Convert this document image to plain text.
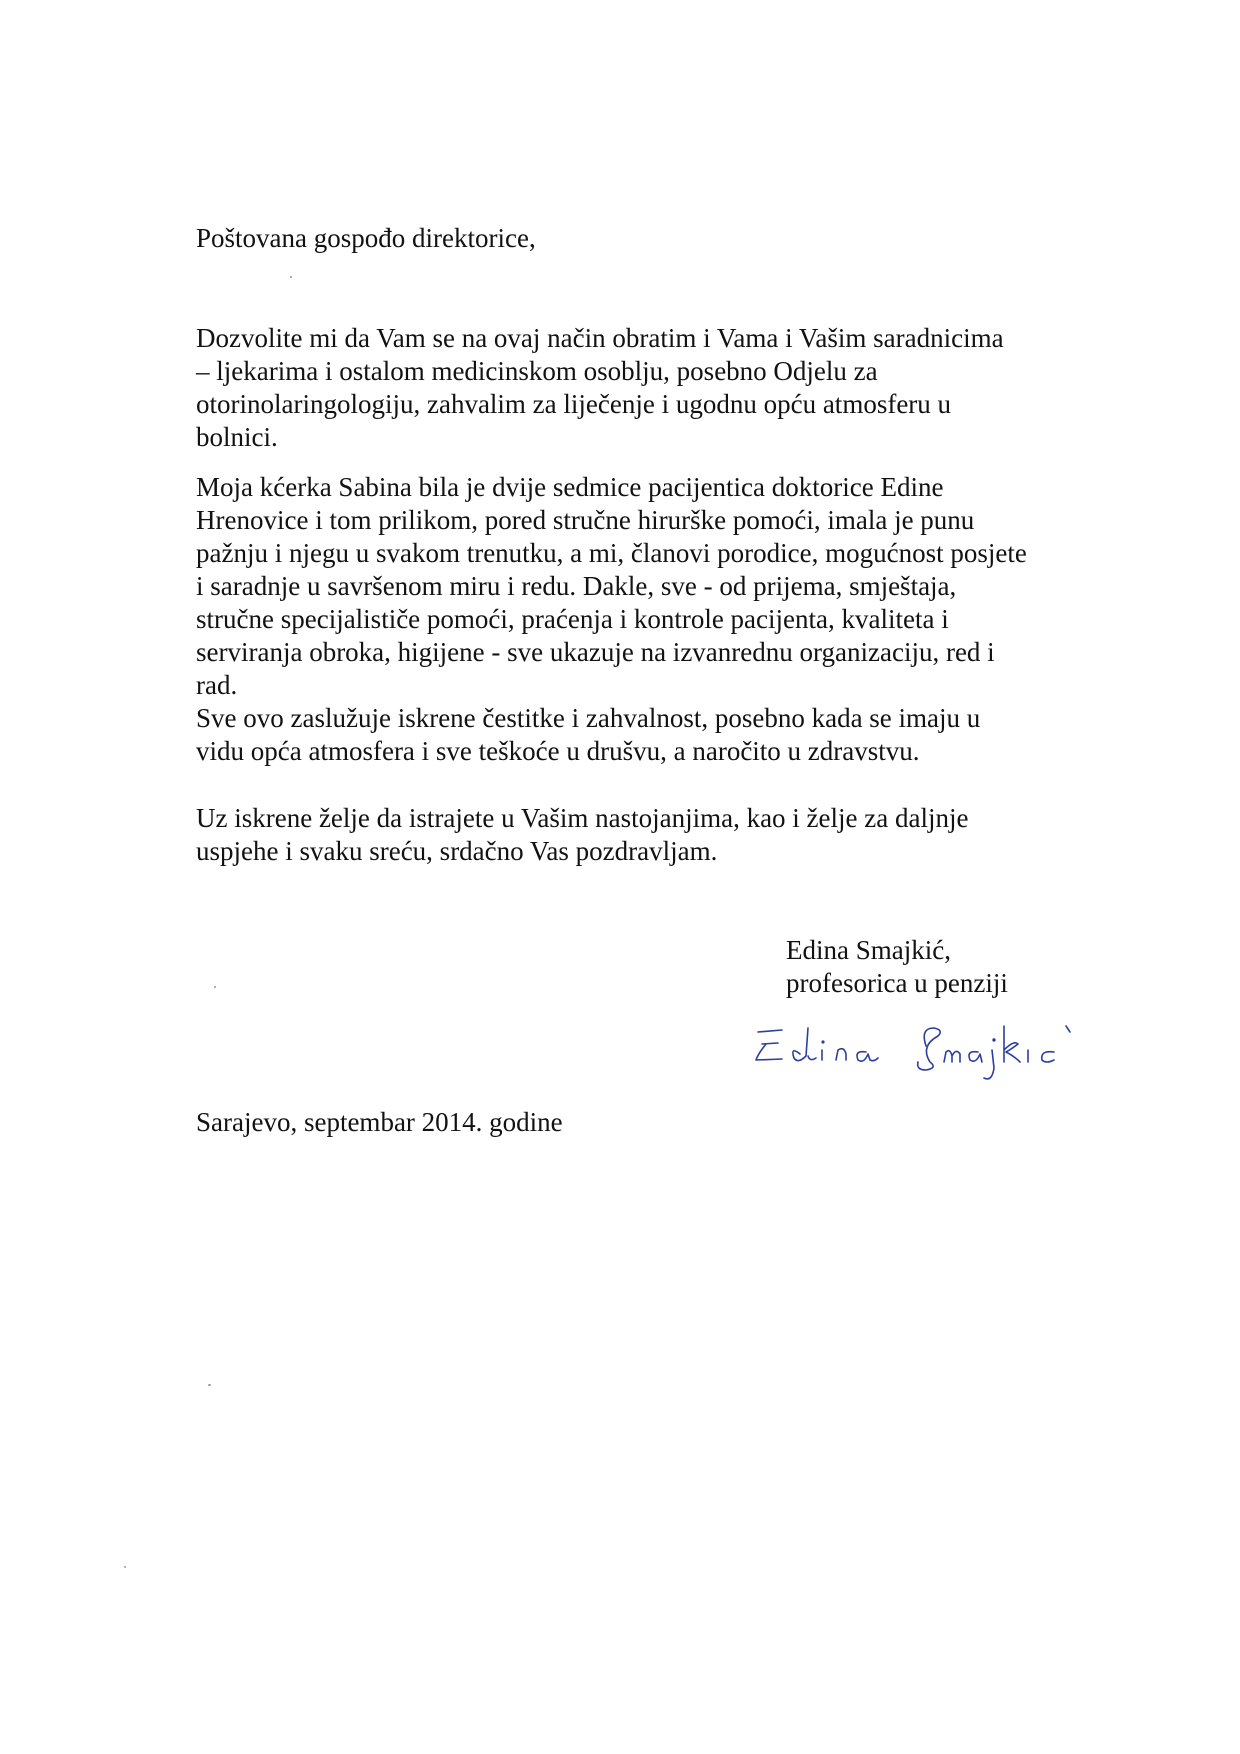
Poštovana gospođo direktorice,

Dozvolite mi da Vam se na ovaj način obratim i Vama i Vašim saradnicima

– ljekarima i ostalom medicinskom osoblju, posebno Odjelu za

otorinolaringologiju, zahvalim za liječenje i ugodnu opću atmosferu u

bolnici.

Moja kćerka Sabina bila je dvije sedmice pacijentica doktorice Edine

Hrenovice i tom prilikom, pored stručne hirurške pomoći, imala je punu

pažnju i njegu u svakom trenutku, a mi, članovi porodice, mogućnost posjete

i saradnje u savršenom miru i redu. Dakle, sve - od prijema, smještaja,

stručne specijalističe pomoći, praćenja i kontrole pacijenta, kvaliteta i

serviranja obroka, higijene - sve ukazuje na izvanrednu organizaciju, red i

rad.

Sve ovo zaslužuje iskrene čestitke i zahvalnost, posebno kada se imaju u

vidu opća atmosfera i sve teškoće u drušvu, a naročito u zdravstvu.

Uz iskrene želje da istrajete u Vašim nastojanjima, kao i želje za daljnje

uspjehe i svaku sreću, srdačno Vas pozdravljam.

Edina Smajkić,

profesorica u penziji

Sarajevo, septembar 2014. godine
